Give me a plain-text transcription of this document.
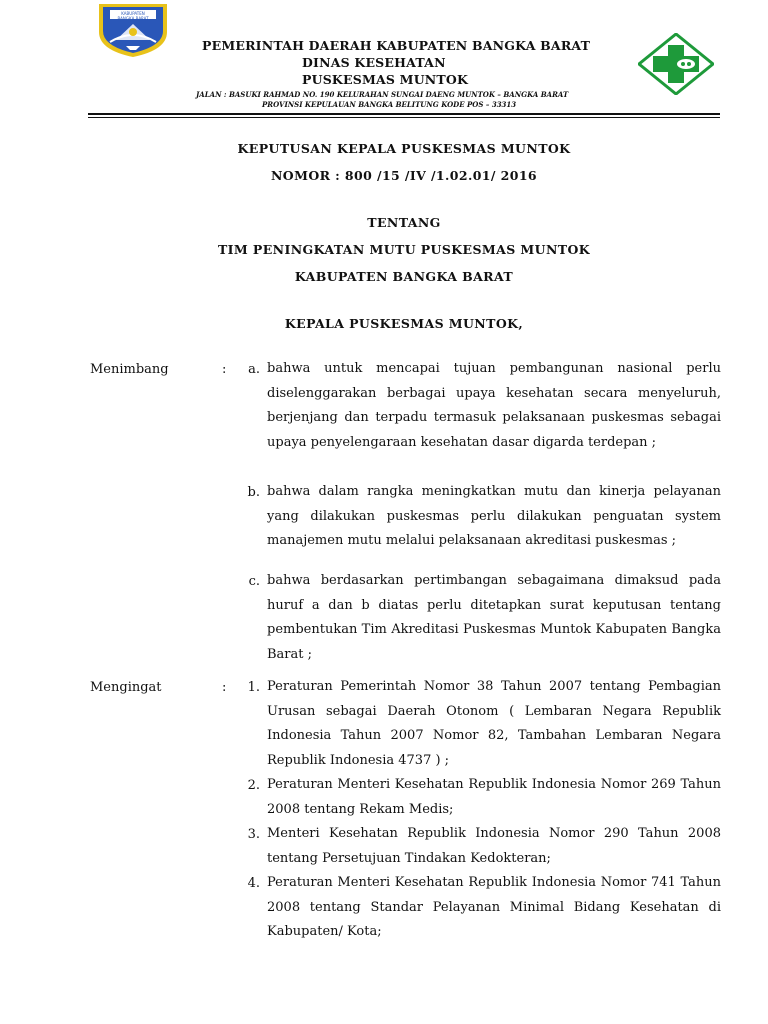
KABUPATEN BANGKA BARAT
PEMERINTAH DAERAH KABUPATEN BANGKA BARAT
DINAS KESEHATAN
PUSKESMAS MUNTOK
JALAN : BASUKI RAHMAD NO. 190 KELURAHAN SUNGAI DAENG MUNTOK – BANGKA BARAT
PROVINSI KEPULAUAN BANGKA BELITUNG KODE POS – 33313
KEPUTUSAN KEPALA PUSKESMAS MUNTOK
NOMOR : 800 /15 /IV /1.02.01/ 2016
TENTANG
TIM PENINGKATAN MUTU PUSKESMAS MUNTOK
KABUPATEN BANGKA BARAT
KEPALA PUSKESMAS MUNTOK,
Menimbang	:	a. bahwa untuk mencapai tujuan pembangunan nasional perlu diselenggarakan berbagai upaya kesehatan secara menyeluruh, berjenjang dan terpadu termasuk pelaksanaan puskesmas sebagai upaya penyelengaraan kesehatan dasar digarda terdepan ;
b. bahwa dalam rangka meningkatkan mutu dan kinerja pelayanan yang dilakukan puskesmas perlu dilakukan penguatan system manajemen mutu melalui pelaksanaan akreditasi puskesmas ;
c. bahwa berdasarkan pertimbangan sebagaimana dimaksud pada huruf a dan b diatas perlu ditetapkan surat keputusan tentang pembentukan Tim Akreditasi Puskesmas Muntok Kabupaten Bangka Barat ;
Mengingat	:	1. Peraturan Pemerintah Nomor 38 Tahun 2007 tentang Pembagian Urusan sebagai Daerah Otonom ( Lembaran Negara Republik Indonesia Tahun 2007 Nomor 82, Tambahan Lembaran Negara Republik Indonesia 4737 ) ;
2. Peraturan Menteri Kesehatan Republik Indonesia Nomor 269 Tahun 2008 tentang Rekam Medis;
3. Menteri Kesehatan Republik Indonesia Nomor 290 Tahun 2008 tentang Persetujuan Tindakan Kedokteran;
4. Peraturan Menteri Kesehatan Republik Indonesia Nomor 741 Tahun 2008 tentang Standar Pelayanan Minimal Bidang Kesehatan di Kabupaten/ Kota;
